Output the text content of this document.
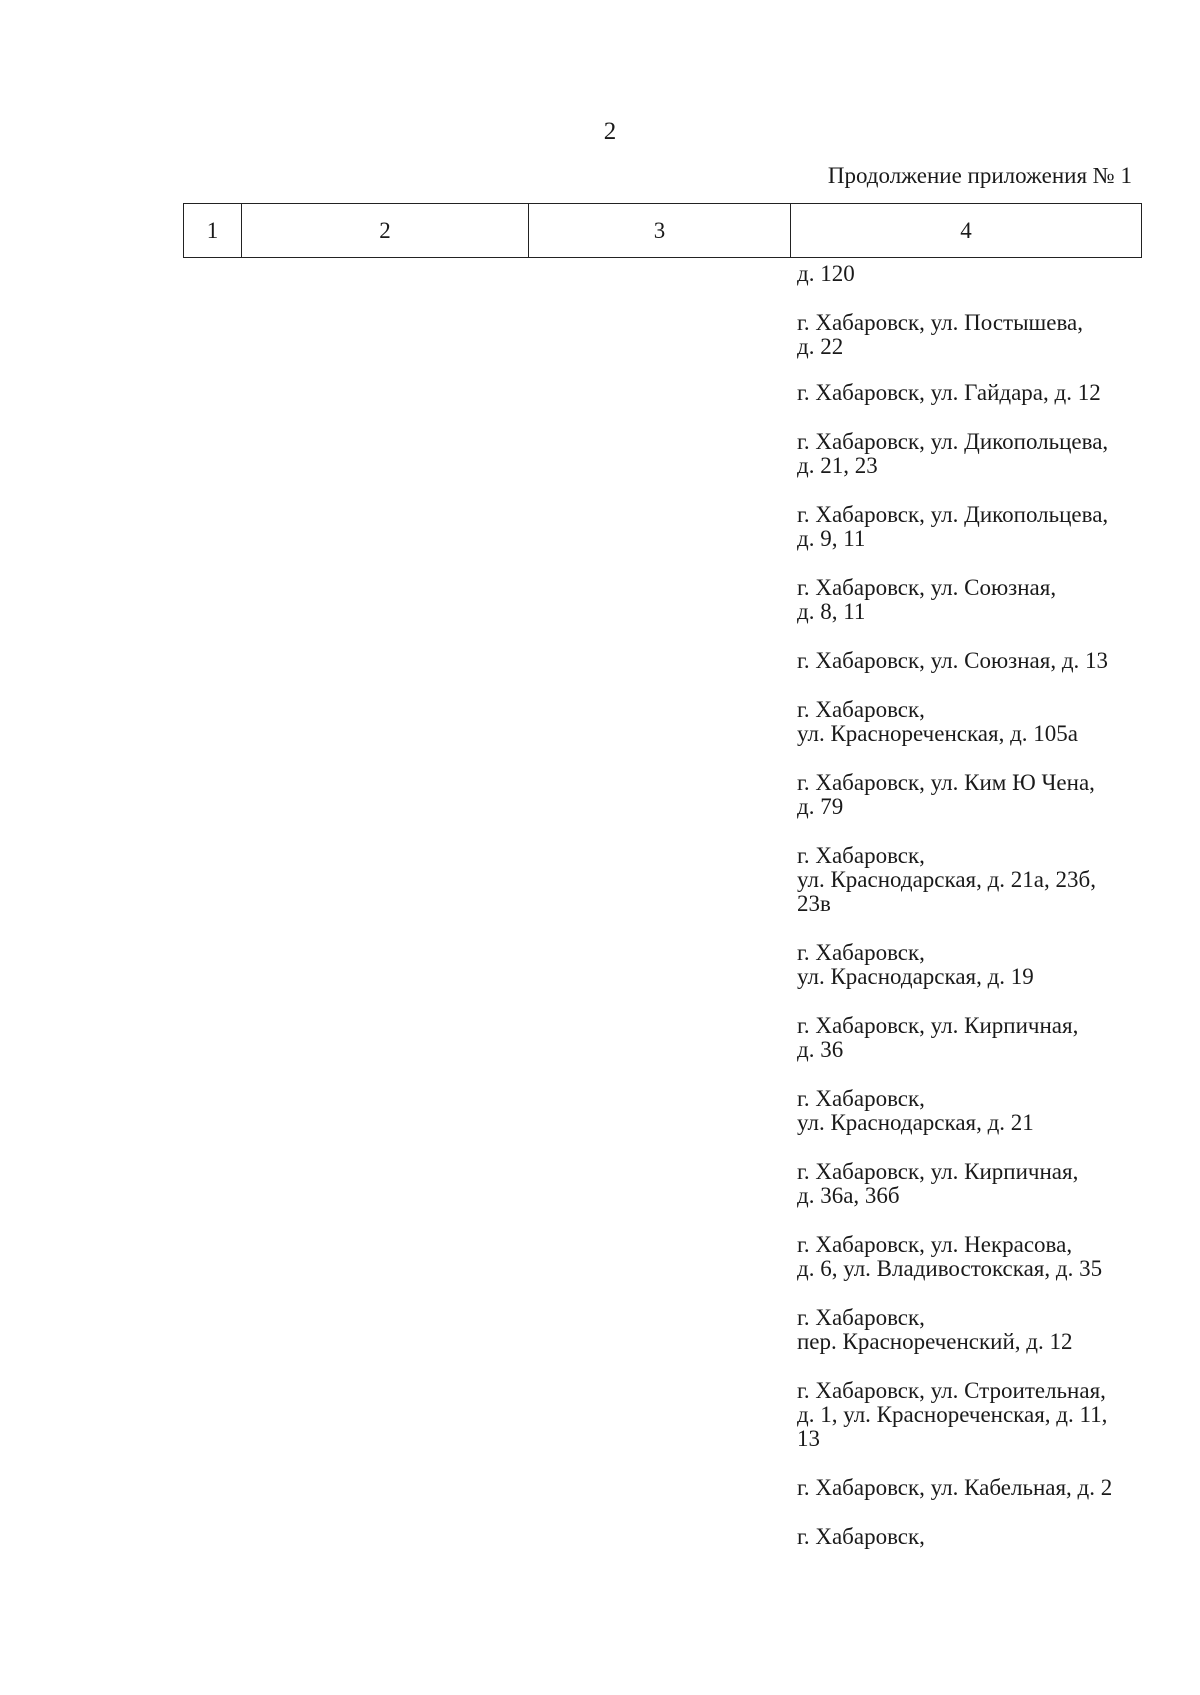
2
Продолжение приложения № 1
1	2	3	4

д. 120

г. Хабаровск, ул. Постышева,
д. 22

г. Хабаровск, ул. Гайдара, д. 12

г. Хабаровск, ул. Дикопольцева,
д. 21, 23

г. Хабаровск, ул. Дикопольцева,
д. 9, 11

г. Хабаровск, ул. Союзная,
д. 8, 11

г. Хабаровск, ул. Союзная, д. 13

г. Хабаровск,
ул. Краснореченская, д. 105а

г. Хабаровск, ул. Ким Ю Чена,
д. 79

г. Хабаровск,
ул. Краснодарская, д. 21а, 23б,
23в

г. Хабаровск,
ул. Краснодарская, д. 19

г. Хабаровск, ул. Кирпичная,
д. 36

г. Хабаровск,
ул. Краснодарская, д. 21

г. Хабаровск, ул. Кирпичная,
д. 36а, 36б

г. Хабаровск, ул. Некрасова,
д. 6, ул. Владивостокская, д. 35

г. Хабаровск,
пер. Краснореченский, д. 12

г. Хабаровск, ул. Строительная,
д. 1, ул. Краснореченская, д. 11,
13

г. Хабаровск, ул. Кабельная, д. 2

г. Хабаровск,
